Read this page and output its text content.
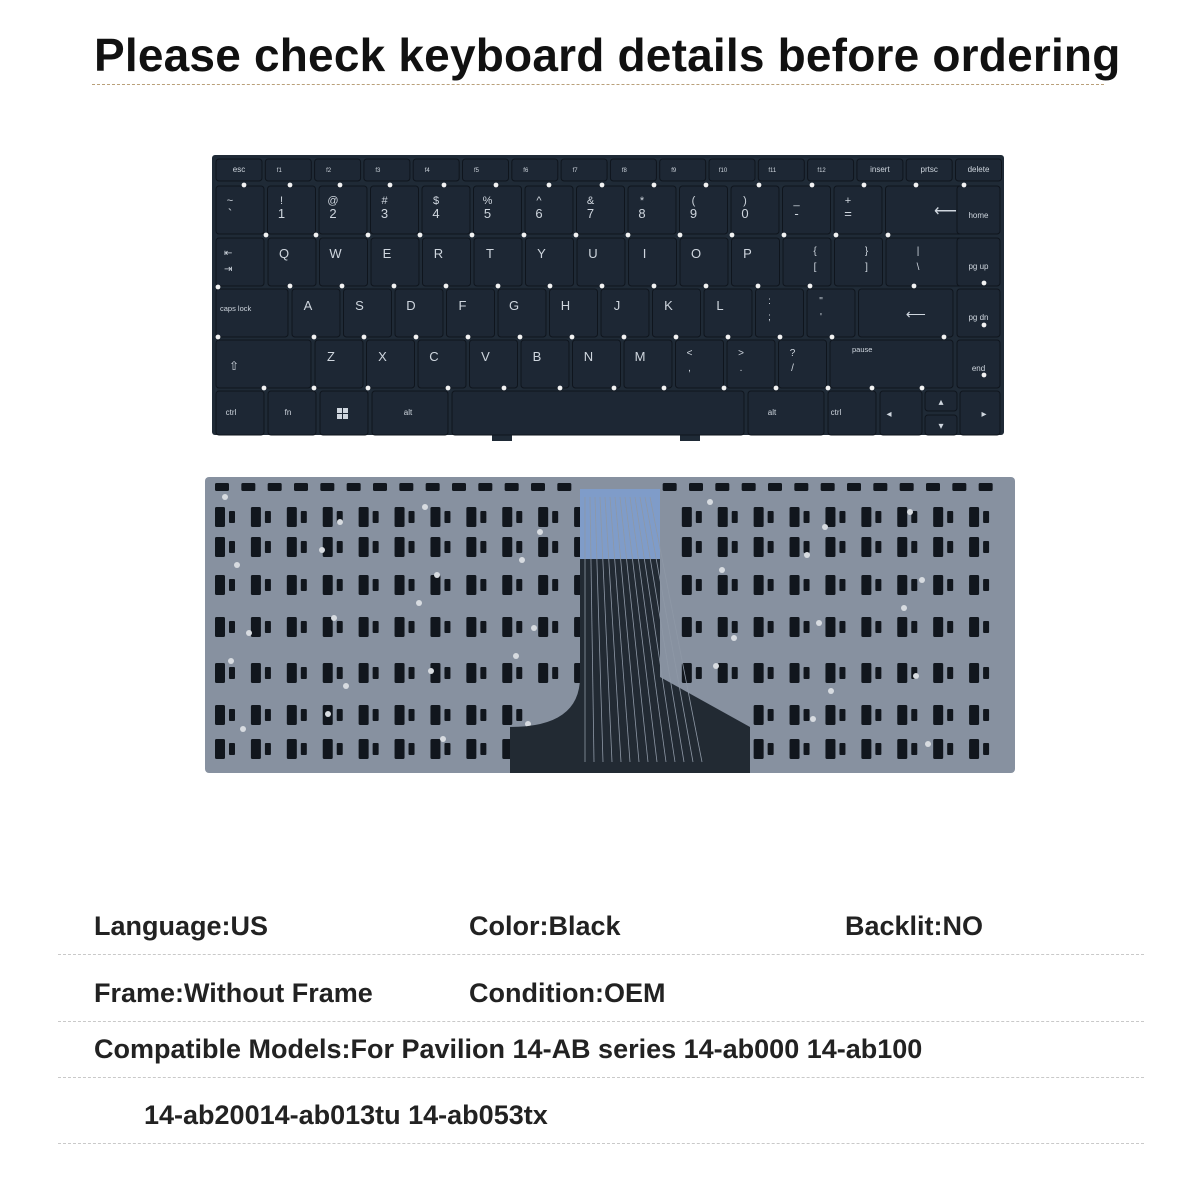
Please check keyboard details before ordering
esc	f1	f2	f3	f4	f5	f6	f7	f8	f9	f10	f11	f12	insert	prtsc	delete
~
`
!
1
@
2
#
3
$
4
%
5
^
6
&
7
*
8
(
9
)
0
_
-
+
=	⟵ home
⇤
⇥
Q	W	E	R	T	Y	U	I	O	P	{
[
}
]
|
\	pg up
caps lock	A	S	D	F	G	H	J	K	L	:
;
"
'	⟵	pg dn
⇧
Z	X	C	V	B	N	M	<
,
>
.
?
/
pause
end
ctrl	fn	alt	alt	ctrl	◂
▴
▾
▸
Language:US	Color:Black	Backlit:NO
Frame:Without Frame	Condition:OEM
Compatible Models:For Pavilion 14-AB series 14-ab000 14-ab100
14-ab20014-ab013tu 14-ab053tx
